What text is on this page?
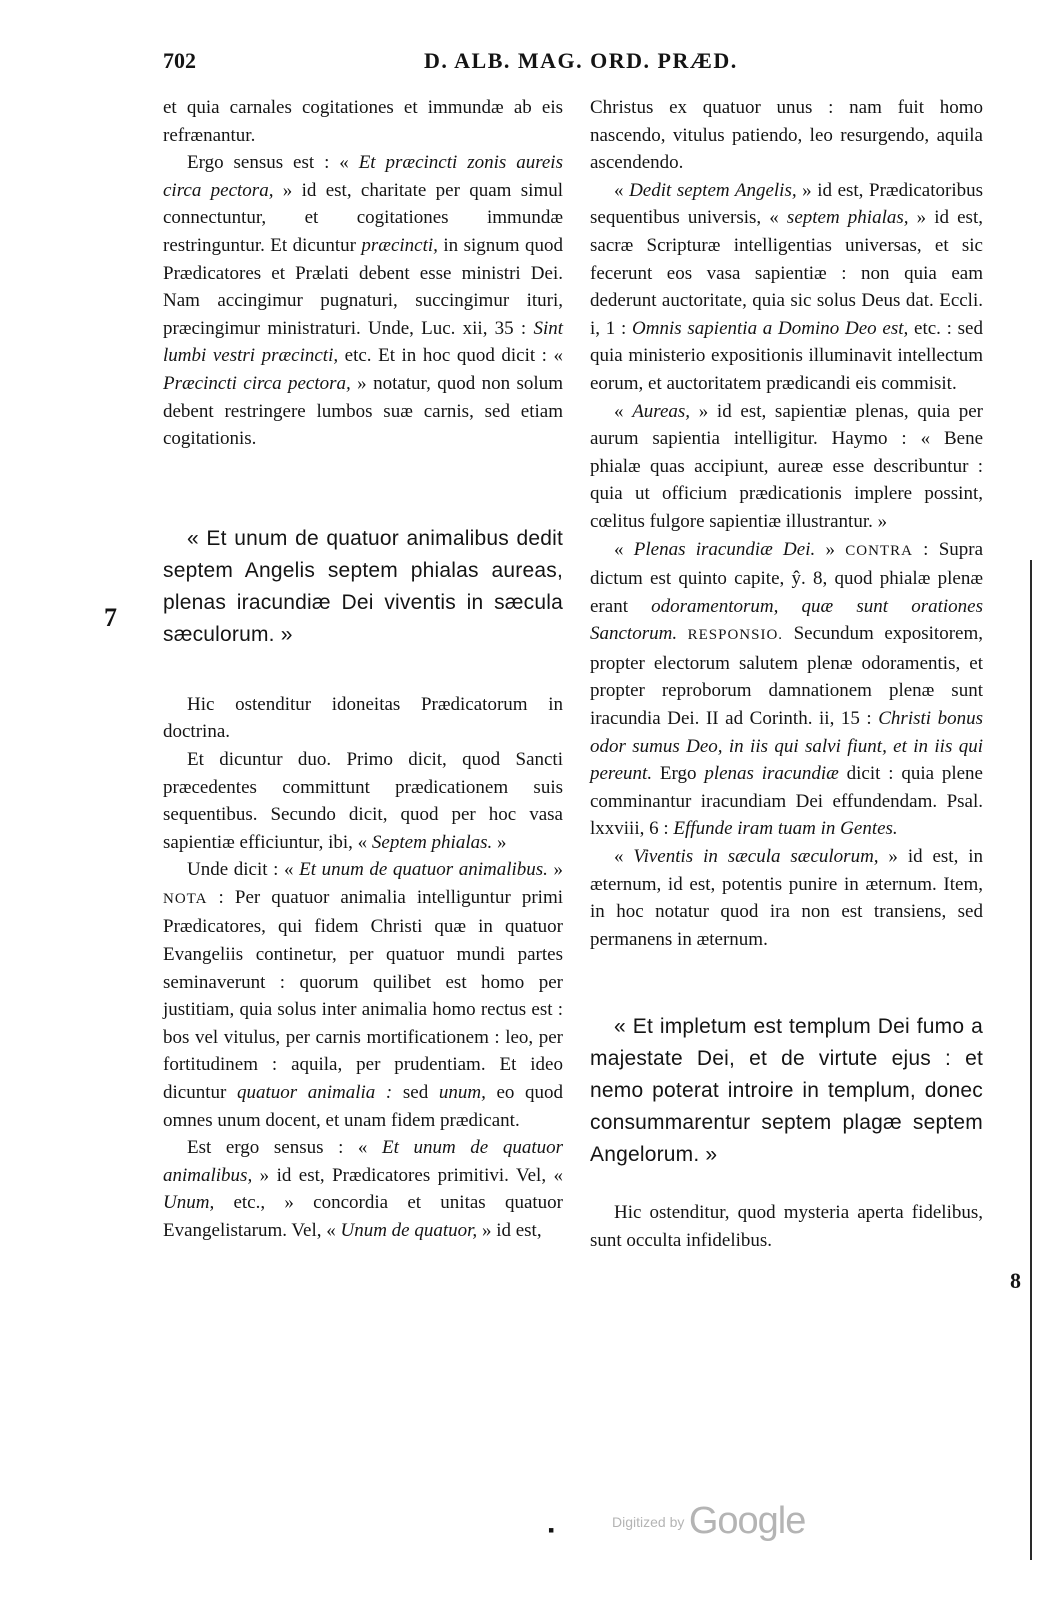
702	D. ALB. MAG. ORD. PRÆD.

et quia carnales cogitationes et immundæ ab eis refrænantur.

Ergo sensus est : « Et præcincti zonis aureis circa pectora, » id est, charitate per quam simul connectuntur, et cogitationes immundæ restringuntur. Et dicuntur præcincti, in signum quod Prædicatores et Prælati debent esse ministri Dei. Nam accingimur pugnaturi, succingimur ituri, præcingimur ministraturi. Unde, Luc. xii, 35 : Sint lumbi vestri præcincti, etc. Et in hoc quod dicit : « Præcincti circa pectora, » notatur, quod non solum debent restringere lumbos suæ carnis, sed etiam cogitationis.

« Et unum de quatuor animalibus dedit septem Angelis septem phialas aureas, plenas iracundiæ Dei viventis in sæcula sæculorum. »

Hic ostenditur idoneitas Prædicatorum in doctrina.

Et dicuntur duo. Primo dicit, quod Sancti præcedentes committunt prædicationem suis sequentibus. Secundo dicit, quod per hoc vasa sapientiæ efficiuntur, ibi, « Septem phialas. »

Unde dicit : « Et unum de quatuor animalibus. » NOTA : Per quatuor animalia intelliguntur primi Prædicatores, qui fidem Christi quæ in quatuor Evangeliis continetur, per quatuor mundi partes seminaverunt : quorum quilibet est homo per justitiam, quia solus inter animalia homo rectus est : bos vel vitulus, per carnis mortificationem : leo, per fortitudinem : aquila, per prudentiam. Et ideo dicuntur quatuor animalia : sed unum, eo quod omnes unum docent, et unam fidem prædicant.

Est ergo sensus : « Et unum de quatuor animalibus, » id est, Prædicatores primitivi. Vel, « Unum, etc., » concordia et unitas quatuor Evangelistarum. Vel, « Unum de quatuor, » id est,

Christus ex quatuor unus : nam fuit homo nascendo, vitulus patiendo, leo resurgendo, aquila ascendendo.

« Dedit septem Angelis, » id est, Prædicatoribus sequentibus universis, « septem phialas, » id est, sacræ Scripturæ intelligentias universas, et sic fecerunt eos vasa sapientiæ : non quia eam dederunt auctoritate, quia sic solus Deus dat. Eccli. i, 1 : Omnis sapientia a Domino Deo est, etc. : sed quia ministerio expositionis illuminavit intellectum eorum, et auctoritatem prædicandi eis commisit.

« Aureas, » id est, sapientiæ plenas, quia per aurum sapientia intelligitur. Haymo : « Bene phialæ quas accipiunt, aureæ esse describuntur : quia ut officium prædicationis implere possint, cœlitus fulgore sapientiæ illustrantur. »

« Plenas iracundiæ Dei. » CONTRA : Supra dictum est quinto capite, ŷ. 8, quod phialæ plenæ erant odoramentorum, quæ sunt orationes Sanctorum. RESPONSIO. Secundum expositorem, propter electorum salutem plenæ odoramentis, et propter reproborum damnationem plenæ sunt iracundia Dei. II ad Corinth. ii, 15 : Christi bonus odor sumus Deo, in iis qui salvi fiunt, et in iis qui pereunt. Ergo plenas iracundiæ dicit : quia plene comminantur iracundiam Dei effundendam. Psal. lxxviii, 6 : Effunde iram tuam in Gentes.

« Viventis in sæcula sæculorum, » id est, in æternum, id est, potentis punire in æternum. Item, in hoc notatur quod ira non est transiens, sed permanens in æternum.

« Et impletum est templum Dei fumo a majestate Dei, et de virtute ejus : et nemo poterat introire in templum, donec consummarentur septem plagæ septem Angelorum. »

Hic ostenditur, quod mysteria aperta fidelibus, sunt occulta infidelibus.

7
8
▪	Digitized by Google
